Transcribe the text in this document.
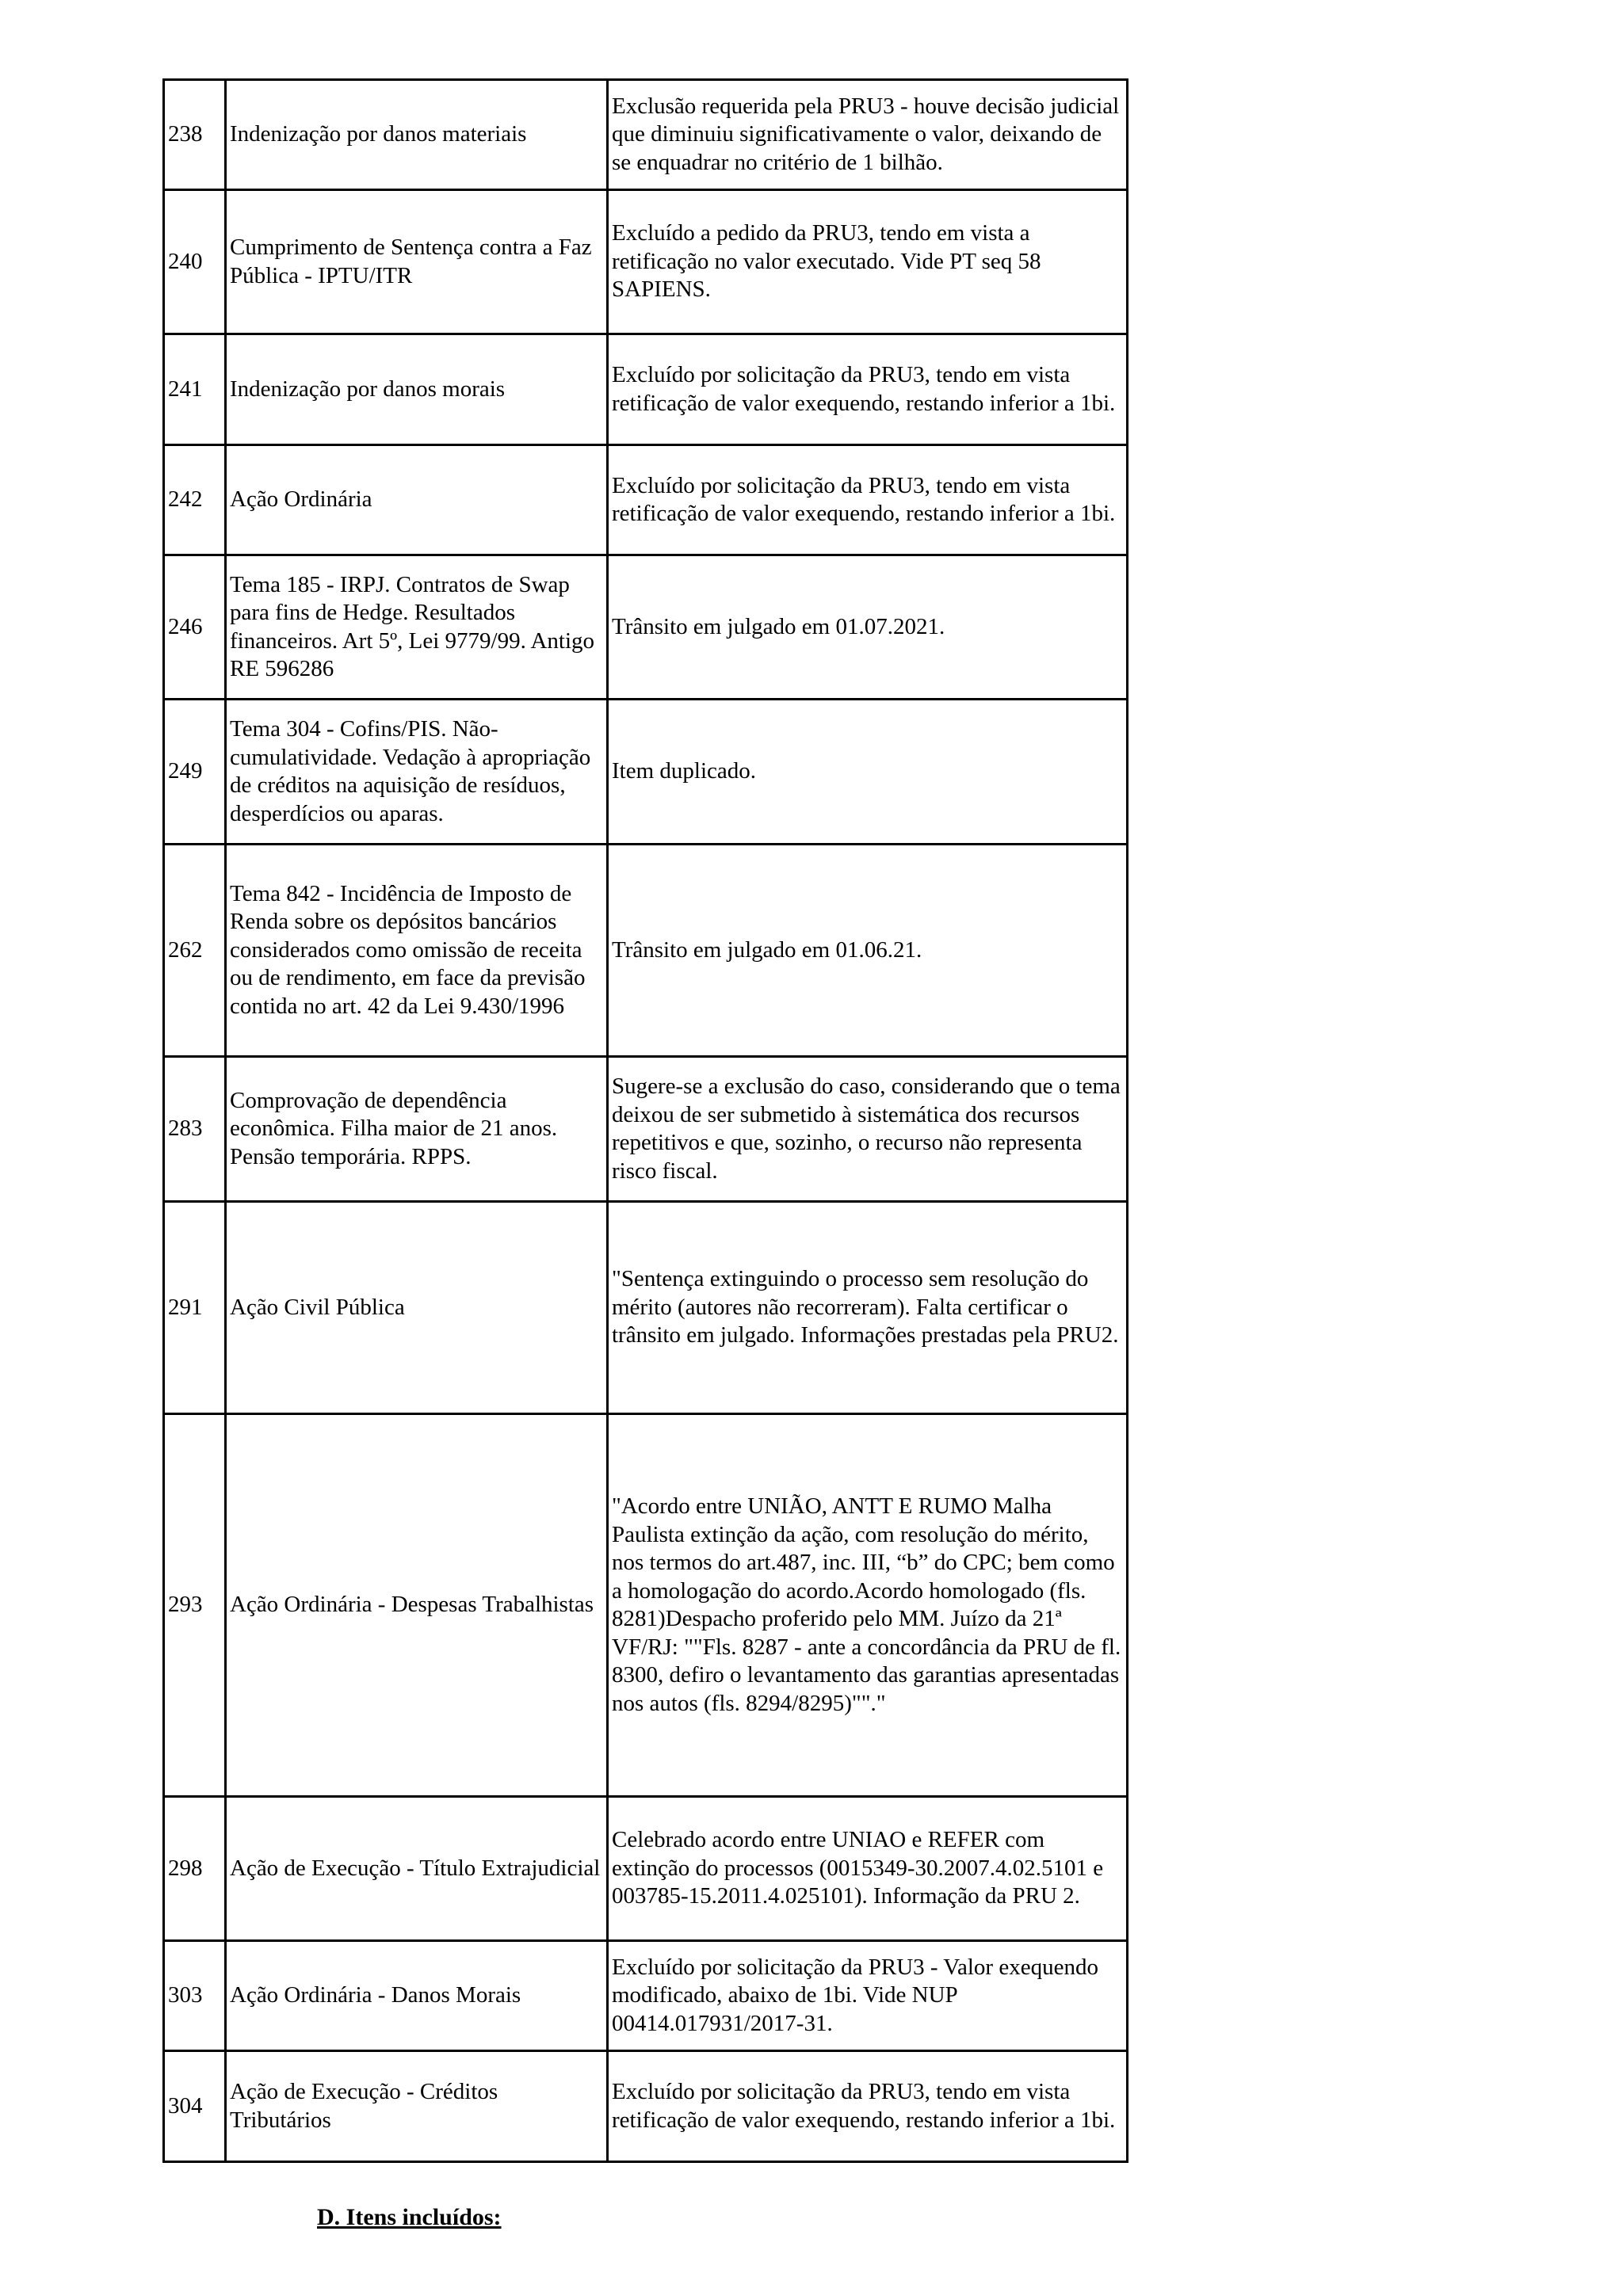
238	Indenização por danos materiais	Exclusão requerida pela PRU3 - houve decisão judicial que diminuiu significativamente o valor, deixando de se enquadrar no critério de 1 bilhão.
240	Cumprimento de Sentença contra a Faz Pública - IPTU/ITR	Excluído a pedido da PRU3, tendo em vista a retificação no valor executado. Vide PT seq 58 SAPIENS.
241	Indenização por danos morais	Excluído por solicitação da PRU3, tendo em vista retificação de valor exequendo, restando inferior a 1bi.
242	Ação Ordinária	Excluído por solicitação da PRU3, tendo em vista retificação de valor exequendo, restando inferior a 1bi.
246	Tema 185 - IRPJ. Contratos de Swap para fins de Hedge. Resultados financeiros. Art 5º, Lei 9779/99. Antigo RE 596286	Trânsito em julgado em 01.07.2021.
249	Tema 304 - Cofins/PIS. Não-cumulatividade. Vedação à apropriação de créditos na aquisição de resíduos, desperdícios ou aparas.	Item duplicado.
262	Tema 842 - Incidência de Imposto de Renda sobre os depósitos bancários considerados como omissão de receita ou de rendimento, em face da previsão contida no art. 42 da Lei 9.430/1996	Trânsito em julgado em 01.06.21.
283	Comprovação de dependência econômica. Filha maior de 21 anos. Pensão temporária. RPPS.	Sugere-se a exclusão do caso, considerando que o tema deixou de ser submetido à sistemática dos recursos repetitivos e que, sozinho, o recurso não representa risco fiscal.
291	Ação Civil Pública	"Sentença extinguindo o processo sem resolução do mérito (autores não recorreram). Falta certificar o trânsito em julgado. Informações prestadas pela PRU2.
293	Ação Ordinária - Despesas Trabalhistas	"Acordo entre UNIÃO, ANTT E RUMO Malha Paulista extinção da ação, com resolução do mérito, nos termos do art.487, inc. III, “b” do CPC; bem como a homologação do acordo.Acordo homologado (fls. 8281)Despacho proferido pelo MM. Juízo da 21ª VF/RJ: ""Fls. 8287 - ante a concordância da PRU de fl. 8300, defiro o levantamento das garantias apresentadas nos autos (fls. 8294/8295)""."
298	Ação de Execução - Título Extrajudicial	Celebrado acordo entre UNIAO e REFER com extinção do processos (0015349-30.2007.4.02.5101 e 003785-15.2011.4.025101). Informação da PRU 2.
303	Ação Ordinária - Danos Morais	Excluído por solicitação da PRU3 - Valor exequendo modificado, abaixo de 1bi. Vide NUP 00414.017931/2017-31.
304	Ação de Execução - Créditos Tributários	Excluído por solicitação da PRU3, tendo em vista retificação de valor exequendo, restando inferior a 1bi.
D. Itens incluídos:
